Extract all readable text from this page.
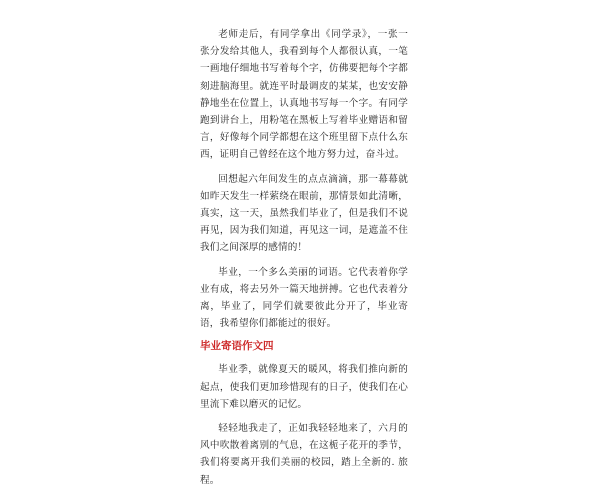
老师走后，有同学拿出《同学录》，一张一张分发给其他人，我看到每个人都很认真，一笔一画地仔细地书写着每个字，仿佛要把每个字都刻进脑海里。就连平时最调皮的某某，也安安静静地坐在位置上，认真地书写每一个字。有同学跑到讲台上，用粉笔在黑板上写着毕业赠语和留言，好像每个同学都想在这个班里留下点什么东西，证明自己曾经在这个地方努力过，奋斗过。

回想起六年间发生的点点滴滴，那一幕幕就如昨天发生一样萦绕在眼前，那情景如此清晰，真实，这一天，虽然我们毕业了，但是我们不说再见，因为我们知道，再见这一词，是遮盖不住我们之间深厚的感情的！

毕业，一个多么美丽的词语。它代表着你学业有成，将去另外一篇天地拼搏。它也代表着分离，毕业了，同学们就要彼此分开了，毕业寄语，我希望你们都能过的很好。

毕业寄语作文四

毕业季，就像夏天的暖风，将我们推向新的起点，使我们更加珍惜现有的日子，使我们在心里流下难以磨灭的记忆。

轻轻地我走了，正如我轻轻地来了，六月的风中吹散着离别的气息，在这栀子花开的季节，我们将要离开我们美丽的校园，踏上全新的. 旅程。
